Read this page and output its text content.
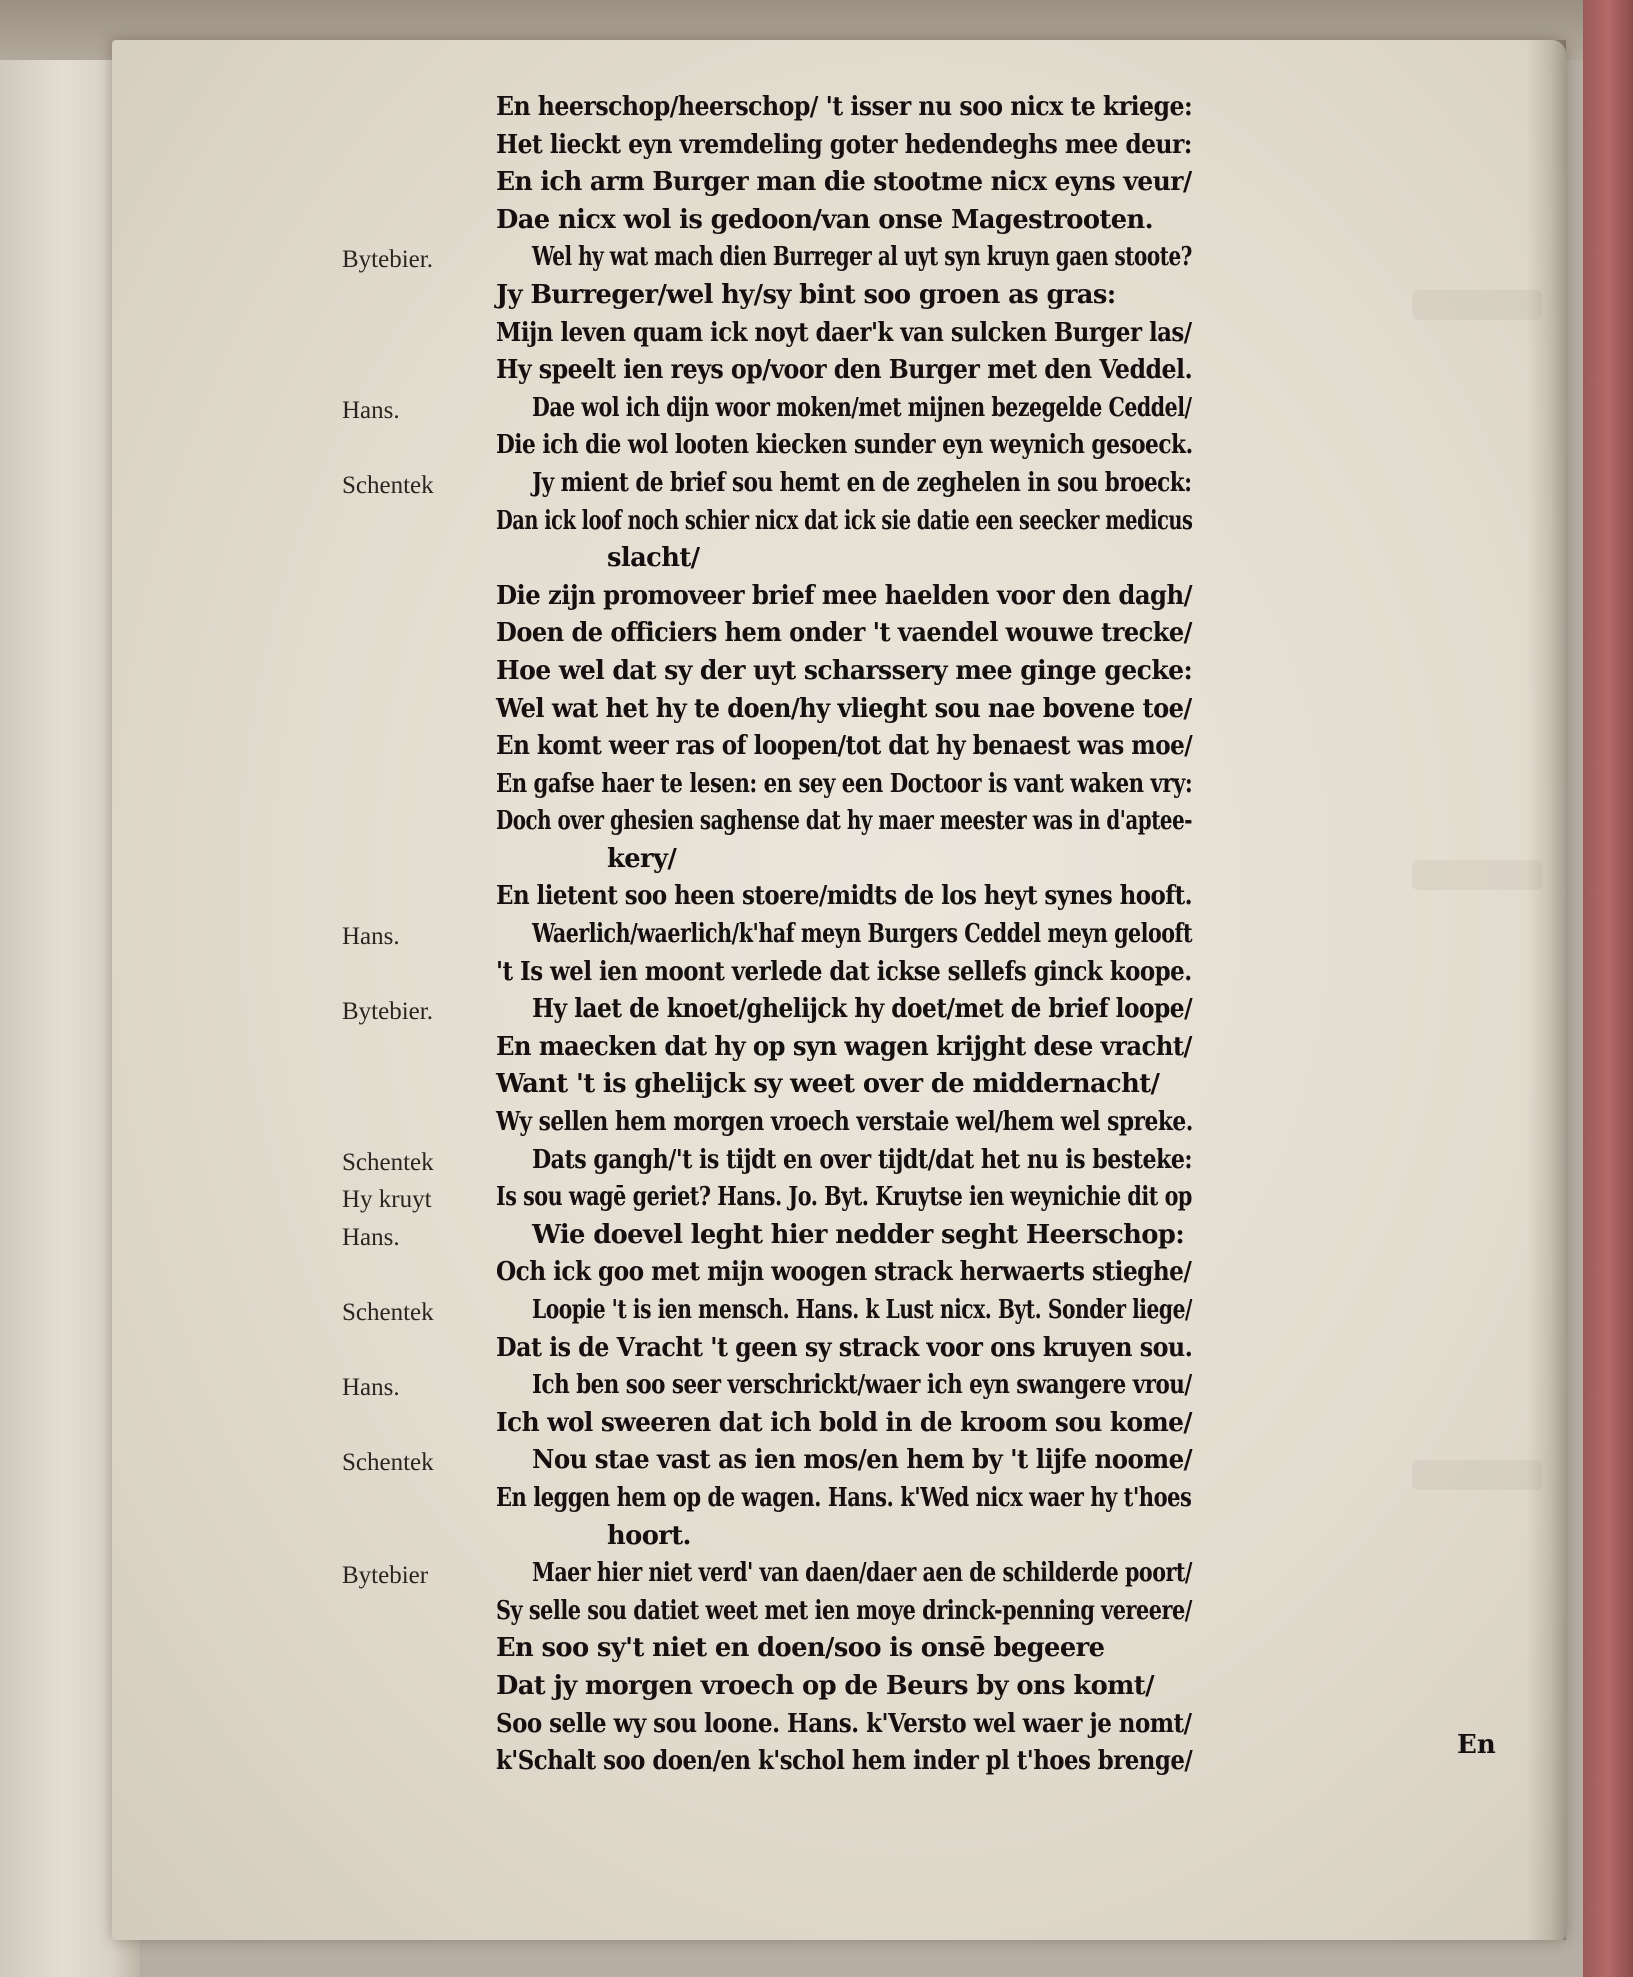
En heerschop/heerschop/ 't isser nu soo nicx te kriege:
Het lieckt eyn vremdeling goter hedendeghs mee deur:
En ich arm Burger man die stootme nicx eyns veur/
Dae nicx wol is gedoon/van onse Magestrooten.
Bytebier.	Wel hy wat mach dien Burreger al uyt syn kruyn gaen stoote?
Jy Burreger/wel hy/sy bint soo groen as gras:
Mijn leven quam ick noyt daer'k van sulcken Burger las/
Hy speelt ien reys op/voor den Burger met den Veddel.
Hans.	Dae wol ich dijn woor moken/met mijnen bezegelde Ceddel/
Die ich die wol looten kiecken sunder eyn weynich gesoeck.
Schentek	Jy mient de brief sou hemt en de zeghelen in sou broeck:
Dan ick loof noch schier nicx dat ick sie datie een seecker medicus
slacht/
Die zijn promoveer brief mee haelden voor den dagh/
Doen de officiers hem onder 't vaendel wouwe trecke/
Hoe wel dat sy der uyt scharssery mee ginge gecke:
Wel wat het hy te doen/hy vlieght sou nae bovene toe/
En komt weer ras of loopen/tot dat hy benaest was moe/
En gafse haer te lesen: en sey een Doctoor is vant waken vry:
Doch over ghesien saghense dat hy maer meester was in d'aptee-
kery/
En lietent soo heen stoere/midts de los heyt synes hooft.
Hans.	Waerlich/waerlich/k'haf meyn Burgers Ceddel meyn gelooft
't Is wel ien moont verlede dat ickse sellefs ginck koope.
Bytebier.	Hy laet de knoet/ghelijck hy doet/met de brief loope/
En maecken dat hy op syn wagen krijght dese vracht/
Want 't is ghelijck sy weet over de middernacht/
Wy sellen hem morgen vroech verstaie wel/hem wel spreke.
Schentek	Dats gangh/'t is tijdt en over tijdt/dat het nu is besteke:
Hy kruyt Is sou wagē geriet? Hans. Jo. Byt. Kruytse ien weynichie dit op
Hans.	Wie doevel leght hier nedder seght Heerschop:
Och ick goo met mijn woogen strack herwaerts stieghe/
Schentek	Loopie 't is ien mensch. Hans. k Lust nicx. Byt. Sonder liege/
Dat is de Vracht 't geen sy strack voor ons kruyen sou.
Hans.	Ich ben soo seer verschrickt/waer ich eyn swangere vrou/
Ich wol sweeren dat ich bold in de kroom sou kome/
Schentek	Nou stae vast as ien mos/en hem by 't lijfe noome/
En leggen hem op de wagen. Hans. k'Wed nicx waer hy t'hoes
hoort.
Bytebier	Maer hier niet verd' van daen/daer aen de schilderde poort/
Sy selle sou datiet weet met ien moye drinck-penning vereere/
En soo sy't niet en doen/soo is onsē begeere
Dat jy morgen vroech op de Beurs by ons komt/
Soo selle wy sou loone. Hans. k'Versto wel waer je nomt/
k'Schalt soo doen/en k'schol hem inder pl t'hoes brenge/
En
